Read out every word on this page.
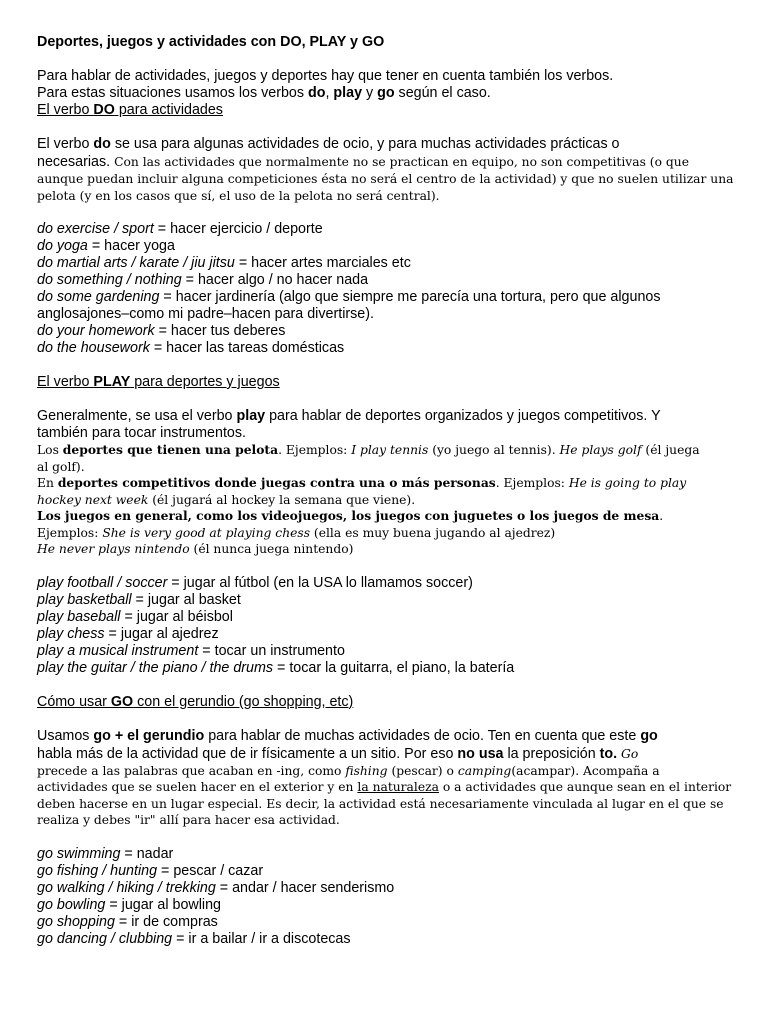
Deportes, juegos y actividades con DO, PLAY y GO

Para hablar de actividades, juegos y deportes hay que tener en cuenta también los verbos.

Para estas situaciones usamos los verbos do, play y go según el caso.

El verbo DO para actividades

El verbo do se usa para algunas actividades de ocio, y para muchas actividades prácticas o

necesarias. Con las actividades que normalmente no se practican en equipo, no son competitivas (o que

aunque puedan incluir alguna competiciones ésta no será el centro de la actividad) y que no suelen utilizar una

pelota (y en los casos que sí, el uso de la pelota no será central).

do exercise / sport = hacer ejercicio / deporte

do yoga = hacer yoga

do martial arts / karate / jiu jitsu = hacer artes marciales etc

do something / nothing = hacer algo / no hacer nada

do some gardening = hacer jardinería (algo que siempre me parecía una tortura, pero que algunos

anglosajones–como mi padre–hacen para divertirse).

do your homework = hacer tus deberes

do the housework = hacer las tareas domésticas

El verbo PLAY para deportes y juegos

Generalmente, se usa el verbo play para hablar de deportes organizados y juegos competitivos. Y

también para tocar instrumentos.

Los deportes que tienen una pelota. Ejemplos: I play tennis (yo juego al tennis). He plays golf (él juega

al golf).

En deportes competitivos donde juegas contra una o más personas. Ejemplos: He is going to play

hockey next week (él jugará al hockey la semana que viene).

Los juegos en general, como los videojuegos, los juegos con juguetes o los juegos de mesa.

Ejemplos: She is very good at playing chess (ella es muy buena jugando al ajedrez)

He never plays nintendo (él nunca juega nintendo)

play football / soccer = jugar al fútbol (en la USA lo llamamos soccer)

play basketball = jugar al basket

play baseball = jugar al béisbol

play chess = jugar al ajedrez

play a musical instrument = tocar un instrumento

play the guitar / the piano / the drums = tocar la guitarra, el piano, la batería

Cómo usar GO con el gerundio (go shopping, etc)

Usamos go + el gerundio para hablar de muchas actividades de ocio. Ten en cuenta que este go

habla más de la actividad que de ir físicamente a un sitio. Por eso no usa la preposición to. Go

precede a las palabras que acaban en -ing, como fishing (pescar) o camping(acampar). Acompaña a

actividades que se suelen hacer en el exterior y en la naturaleza o a actividades que aunque sean en el interior

deben hacerse en un lugar especial. Es decir, la actividad está necesariamente vinculada al lugar en el que se

realiza y debes "ir" allí para hacer esa actividad.

go swimming = nadar

go fishing / hunting = pescar / cazar

go walking / hiking / trekking = andar / hacer senderismo

go bowling = jugar al bowling

go shopping = ir de compras

go dancing / clubbing = ir a bailar / ir a discotecas
